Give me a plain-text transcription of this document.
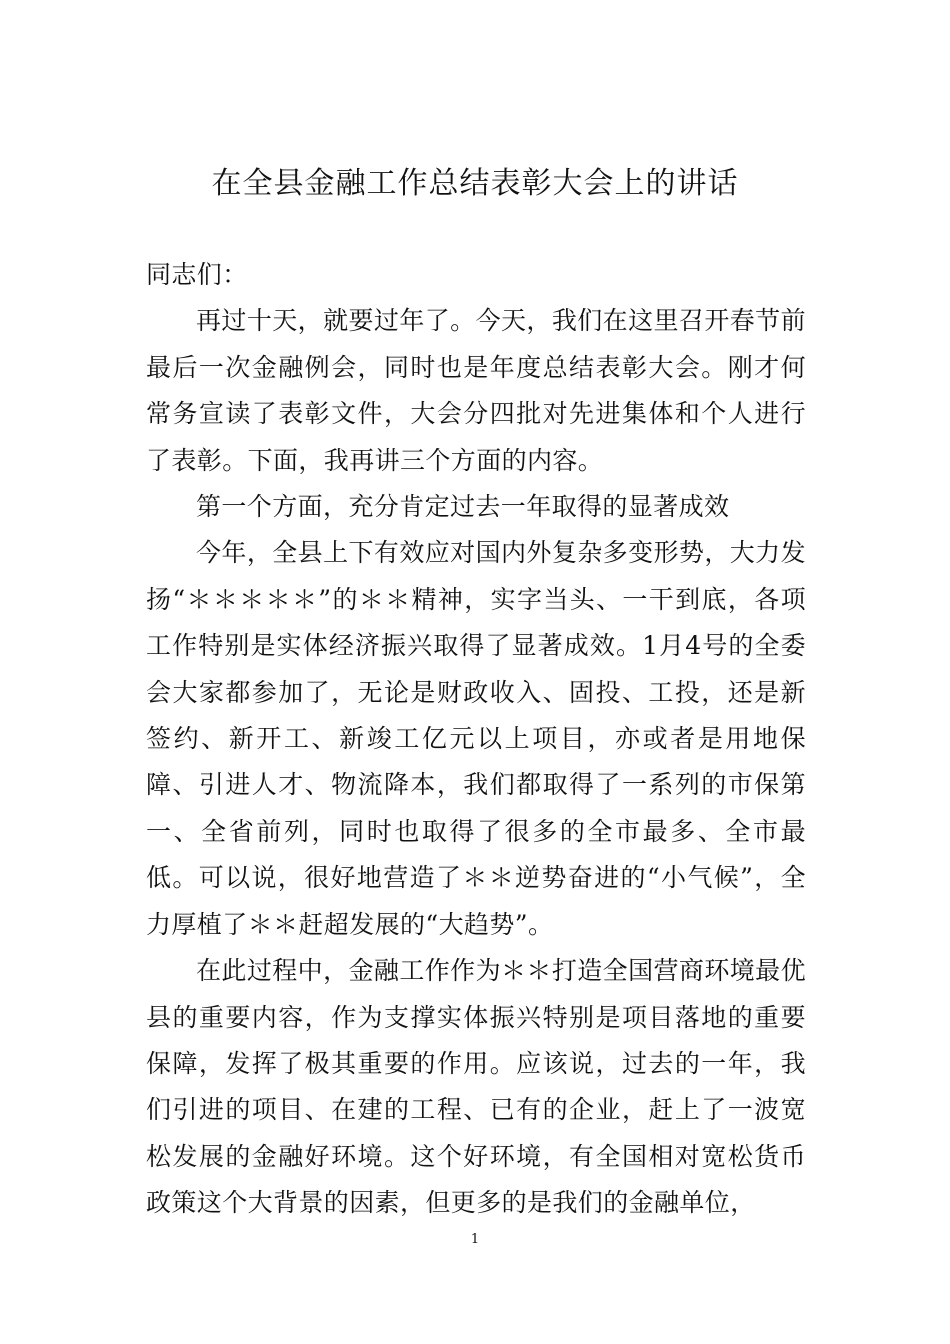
在全县金融工作总结表彰大会上的讲话

同志们：

再过十天，就要过年了。今天，我们在这里召开春节前最后一次金融例会，同时也是年度总结表彰大会。刚才何常务宣读了表彰文件，大会分四批对先进集体和个人进行了表彰。下面，我再讲三个方面的内容。

第一个方面，充分肯定过去一年取得的显著成效

今年，全县上下有效应对国内外复杂多变形势，大力发扬“＊＊＊＊＊”的＊＊精神，实字当头、一干到底，各项工作特别是实体经济振兴取得了显著成效。1月4号的全委会大家都参加了，无论是财政收入、固投、工投，还是新签约、新开工、新竣工亿元以上项目，亦或者是用地保障、引进人才、物流降本，我们都取得了一系列的市保第一、全省前列，同时也取得了很多的全市最多、全市最低。可以说，很好地营造了＊＊逆势奋进的“小气候”，全力厚植了＊＊赶超发展的“大趋势”。

在此过程中，金融工作作为＊＊打造全国营商环境最优县的重要内容，作为支撑实体振兴特别是项目落地的重要保障，发挥了极其重要的作用。应该说，过去的一年，我们引进的项目、在建的工程、已有的企业，赶上了一波宽松发展的金融好环境。这个好环境，有全国相对宽松货币政策这个大背景的因素，但更多的是我们的金融单位，

1
